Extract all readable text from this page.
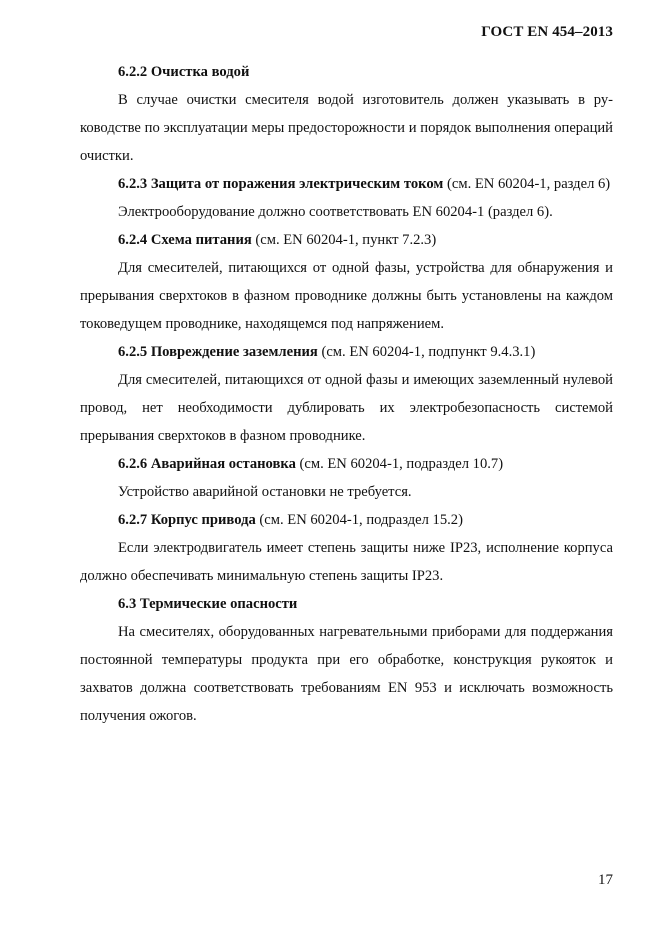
ГОСТ EN 454–2013

6.2.2 Очистка водой

В случае очистки смесителя водой изготовитель должен указывать в руководстве по эксплуатации меры предосторожности и порядок выполнения операций очистки.

6.2.3 Защита от поражения электрическим током (см. EN 60204-1, раздел 6)

Электрооборудование должно соответствовать EN 60204-1 (раздел 6).

6.2.4 Схема питания (см. EN 60204-1, пункт 7.2.3)

Для смесителей, питающихся от одной фазы, устройства для обнаружения и прерывания сверхтоков в фазном проводнике должны быть установлены на каждом токоведущем проводнике, находящемся под напряжением.

6.2.5 Повреждение заземления (см. EN 60204-1, подпункт 9.4.3.1)

Для смесителей, питающихся от одной фазы и имеющих заземленный нулевой провод, нет необходимости дублировать их электробезопасность системой прерывания сверхтоков в фазном проводнике.

6.2.6 Аварийная остановка (см. EN 60204-1, подраздел 10.7)

Устройство аварийной остановки не требуется.

6.2.7 Корпус привода (см. EN 60204-1, подраздел 15.2)

Если электродвигатель имеет степень защиты ниже IP23, исполнение корпуса должно обеспечивать минимальную степень защиты IP23.

6.3 Термические опасности

На смесителях, оборудованных нагревательными приборами для поддержания постоянной температуры продукта при его обработке, конструкция рукояток и захватов должна соответствовать требованиям EN 953 и исключать возможность получения ожогов.

17
